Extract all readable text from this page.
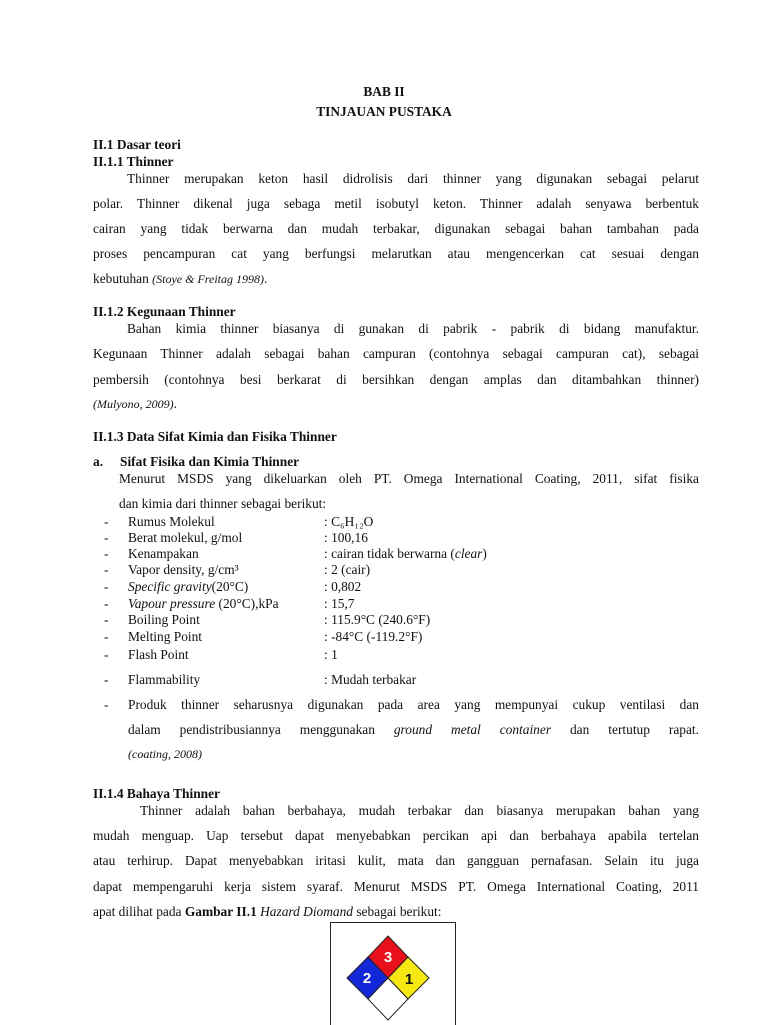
BAB II
TINJAUAN PUSTAKA
II.1 Dasar teori
II.1.1 Thinner
Thinner merupakan keton hasil didrolisis dari thinner yang digunakan sebagai pelarut
polar. Thinner dikenal juga sebaga metil isobutyl keton. Thinner adalah senyawa berbentuk
cairan yang tidak berwarna dan mudah terbakar, digunakan sebagai bahan tambahan pada
proses pencampuran cat yang berfungsi melarutkan atau mengencerkan cat sesuai dengan
kebutuhan (Stoye & Freitag 1998).
II.1.2 Kegunaan Thinner
Bahan kimia thinner biasanya di gunakan di pabrik - pabrik di bidang manufaktur.
Kegunaan Thinner adalah sebagai bahan campuran (contohnya sebagai campuran cat), sebagai
pembersih (contohnya besi berkarat di bersihkan dengan amplas dan ditambahkan thinner)
(Mulyono, 2009).
II.1.3 Data Sifat Kimia dan Fisika Thinner
a. Sifat Fisika dan Kimia Thinner
Menurut MSDS yang dikeluarkan oleh PT. Omega International Coating, 2011, sifat fisika
dan kimia dari thinner sebagai berikut:
- Rumus Molekul	: C₆H₁₂O
- Berat molekul, g/mol	: 100,16
- Kenampakan	: cairan tidak berwarna (clear)
- Vapor density, g/cm³	: 2 (cair)
- Specific gravity(20°C)	: 0,802
- Vapour pressure (20°C),kPa	: 15,7
- Boiling Point	: 115.9°C (240.6°F)
- Melting Point	: -84°C (-119.2°F)
- Flash Point	: 1
- Flammability	: Mudah terbakar
- Produk thinner seharusnya digunakan pada area yang mempunyai cukup ventilasi dan
dalam pendistribusiannya menggunakan ground metal container dan tertutup rapat.
(coating, 2008)
II.1.4 Bahaya Thinner
Thinner adalah bahan berbahaya, mudah terbakar dan biasanya merupakan bahan yang
mudah menguap. Uap tersebut dapat menyebabkan percikan api dan berbahaya apabila tertelan
atau terhirup. Dapat menyebabkan iritasi kulit, mata dan gangguan pernafasan. Selain itu juga
dapat mempengaruhi kerja sistem syaraf. Menurut MSDS PT. Omega International Coating, 2011
apat dilihat pada Gambar II.1 Hazard Diomand sebagai berikut:
3
2 1
